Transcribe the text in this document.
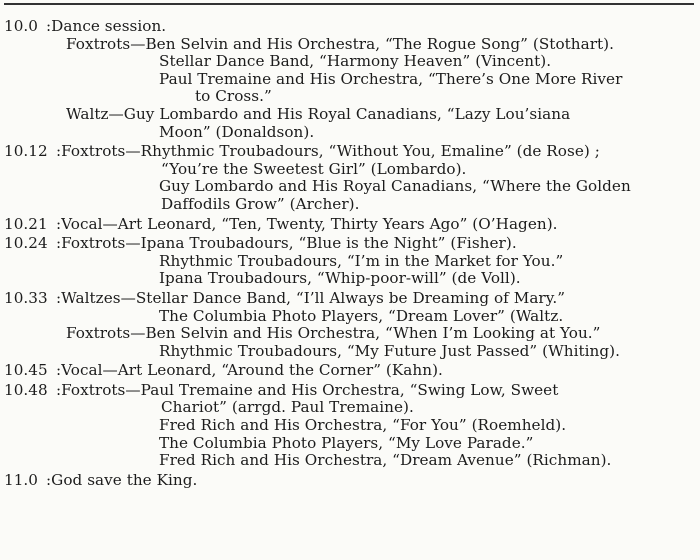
10.0 :Dance session.
Foxtrots—Ben Selvin and His Orchestra, “The Rogue Song” (Stothart).
Stellar Dance Band, “Harmony Heaven” (Vincent).
Paul Tremaine and His Orchestra, “There’s One More River
to Cross.”
Waltz—Guy Lombardo and His Royal Canadians, “Lazy Lou’siana
Moon” (Donaldson).
10.12 :Foxtrots—Rhythmic Troubadours, “Without You, Emaline” (de Rose) ;
“You’re the Sweetest Girl” (Lombardo).
Guy Lombardo and His Royal Canadians, “Where the Golden
Daffodils Grow” (Archer).
10.21 :Vocal—Art Leonard, “Ten, Twenty, Thirty Years Ago” (O’Hagen).
10.24 :Foxtrots—Ipana Troubadours, “Blue is the Night” (Fisher).
Rhythmic Troubadours, “I’m in the Market for You.”
Ipana Troubadours, “Whip-poor-will” (de Voll).
10.33 :Waltzes—Stellar Dance Band, “I’ll Always be Dreaming of Mary.”
The Columbia Photo Players, “Dream Lover” (Waltz.
Foxtrots—Ben Selvin and His Orchestra, “When I’m Looking at You.”
Rhythmic Troubadours, “My Future Just Passed” (Whiting).
10.45 :Vocal—Art Leonard, “Around the Corner” (Kahn).
10.48 :Foxtrots—Paul Tremaine and His Orchestra, “Swing Low, Sweet
Chariot” (arrgd. Paul Tremaine).
Fred Rich and His Orchestra, “For You” (Roemheld).
The Columbia Photo Players, “My Love Parade.”
Fred Rich and His Orchestra, “Dream Avenue” (Richman).
11.0 :God save the King.
